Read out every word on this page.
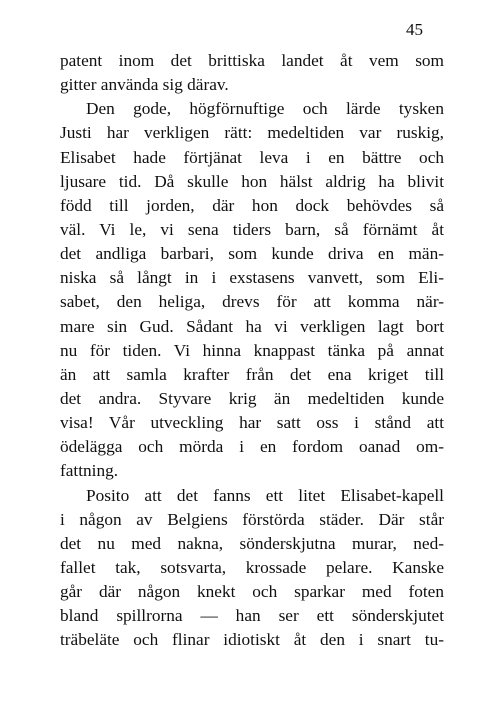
45
patent inom det brittiska landet åt vem som
gitter använda sig därav.
Den gode, högförnuftige och lärde tysken
Justi har verkligen rätt: medeltiden var ruskig,
Elisabet hade förtjänat leva i en bättre och
ljusare tid. Då skulle hon hälst aldrig ha blivit
född till jorden, där hon dock behövdes så
väl. Vi le, vi sena tiders barn, så förnämt åt
det andliga barbari, som kunde driva en män-
niska så långt in i exstasens vanvett, som Eli-
sabet, den heliga, drevs för att komma när-
mare sin Gud. Sådant ha vi verkligen lagt bort
nu för tiden. Vi hinna knappast tänka på annat
än att samla krafter från det ena kriget till
det andra. Styvare krig än medeltiden kunde
visa! Vår utveckling har satt oss i stånd att
ödelägga och mörda i en fordom oanad om-
fattning.
Posito att det fanns ett litet Elisabet-kapell
i någon av Belgiens förstörda städer. Där står
det nu med nakna, sönderskjutna murar, ned-
fallet tak, sotsvarta, krossade pelare. Kanske
går där någon knekt och sparkar med foten
bland spillrorna — han ser ett sönderskjutet
träbeläte och flinar idiotiskt åt den i snart tu-
